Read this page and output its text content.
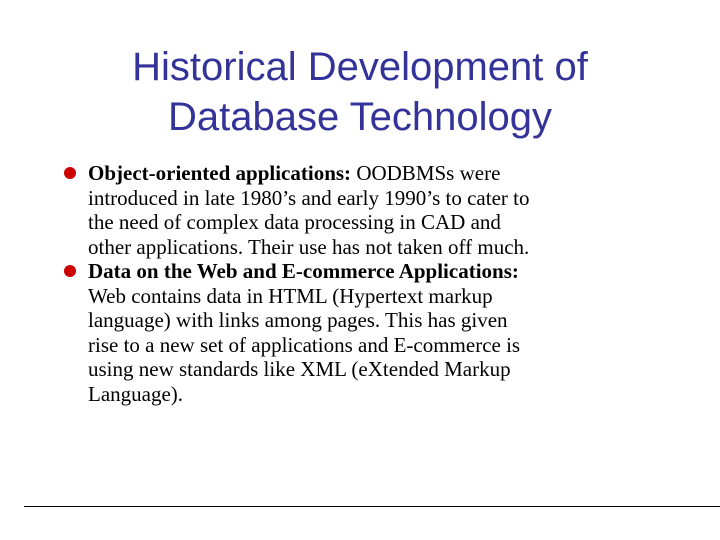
Historical Development of
Database Technology
Object-oriented applications: OODBMSs were
introduced in late 1980’s and early 1990’s to cater to
the need of complex data processing in CAD and
other applications. Their use has not taken off much.
Data on the Web and E-commerce Applications:
Web contains data in HTML (Hypertext markup
language) with links among pages. This has given
rise to a new set of applications and E-commerce is
using new standards like XML (eXtended Markup
Language).
